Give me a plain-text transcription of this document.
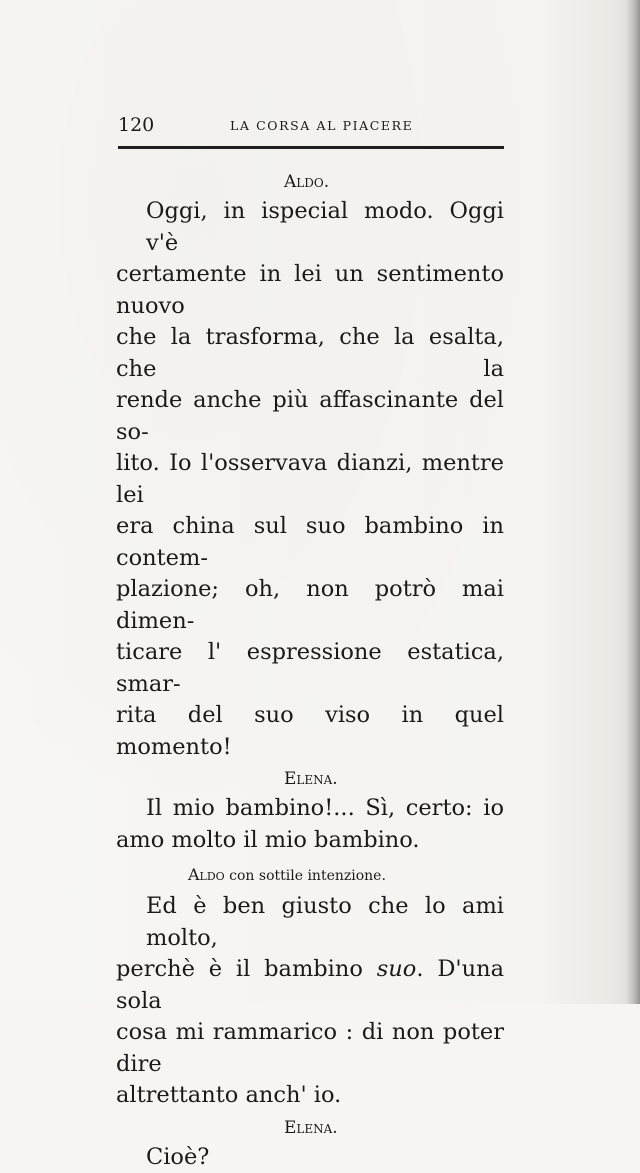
120	LA CORSA AL PIACERE

Aldo.

Oggi, in ispecial modo. Oggi v'è
certamente in lei un sentimento nuovo
che la trasforma, che la esalta, che la
rende anche più affascinante del so-
lito. Io l'osservava dianzi, mentre lei
era china sul suo bambino in contem-
plazione; oh, non potrò mai dimen-
ticare l' espressione estatica, smar-
rita del suo viso in quel momento!

Elena.

Il mio bambino!... Sì, certo: io
amo molto il mio bambino.

Aldo con sottile intenzione.

Ed è ben giusto che lo ami molto,
perchè è il bambino suo. D'una sola
cosa mi rammarico : di non poter dire
altrettanto anch' io.

Elena.

Cioè?
